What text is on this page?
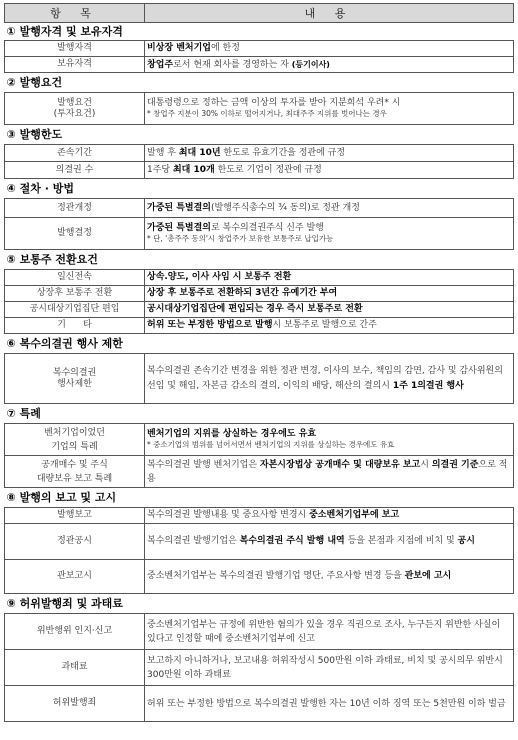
항 목	내 용
① 발행자격 및 보유자격	
발행자격	비상장 벤처기업에 한정
보유자격	창업주로서 현재 회사를 경영하는 자 (등기이사)
② 발행요건	
발행요건
(투자요건)	대통령령으로 정하는 금액 이상의 투자를 받아 지분희석 우려* 시
* 창업주 지분이 30% 이하로 떨어지거나, 최대주주 지위를 벗어나는 경우

③ 발행한도	
존속기간	발행 후 최대 10년 한도로 유효기간을 정관에 규정
의결권 수	1주당 최대 10개 한도로 기업이 정관에 규정
④ 절차 · 방법	
정관개정	가중된 특별결의(발행주식총수의 ¾ 동의)로 정관 개정
발행결정	가중된 특별결의로 복수의결권주식 신주 발행
* 단, '총주주 동의'시 창업주가 보유한 보통주로 납입가능

⑤ 보통주 전환요건	
일신전속	상속.양도, 이사 사임 시 보통주 전환
상장후 보통주 전환	상장 후 보통주로 전환하되 3년간 유예기간 부여
공시대상기업집단 편입	공시대상기업집단에 편입되는 경우 즉시 보통주로 전환
기      타	허위 또는 부정한 방법으로 발행시 보통주로 발행으로 간주
⑥ 복수의결권 행사 제한	
복수의결권
행사제한	복수의결권 존속기간 변경을 위한 정관 변경, 이사의 보수, 책임의 감면, 감사 및 감사위원의 선임 및 해임, 자본금 감소의 결의, 이익의 배당, 해산의 결의시 1주 1의결권 행사
⑦ 특례	
벤처기업이었던
기업의 특례	벤처기업의 지위를 상실하는 경우에도 유효
* 중소기업의 범위를 넘어서면서 벤처기업의 지위를 상실하는 경우에도 유효

공개매수 및 주식
대량보유 보고 특례	복수의결권 발행 벤처기업은 자본시장법상 공개매수 및 대량보유 보고시 의결권 기준으로 적용
⑧ 발행의 보고 및 고시	
발행보고	복수의결권 발행내용 및 중요사항 변경시 중소벤처기업부에 보고
정관공시	복수의결권 발행기업은 복수의결권 주식 발행 내역 등을 본점과 지점에 비치 및 공시
관보고시	중소벤처기업부는 복수의결권 발행기업 명단, 주요사항 변경 등을 관보에 고시
⑨ 허위발행죄 및 과태료	
위반행위 인지·신고	중소벤처기업부는 규정에 위반한 혐의가 있을 경우 직권으로 조사, 누구든지 위반한 사실이 있다고 인정할 때에 중소벤처기업부에 신고
과태료	보고하지 아니하거나, 보고내용 허위작성시 500만원 이하 과태료, 비치 및 공시의무 위반시 300만원 이하 과태료
허위발행죄	허위 또는 부정한 방법으로 복수의결권 발행한 자는 10년 이하 징역 또는 5천만원 이하 벌금
